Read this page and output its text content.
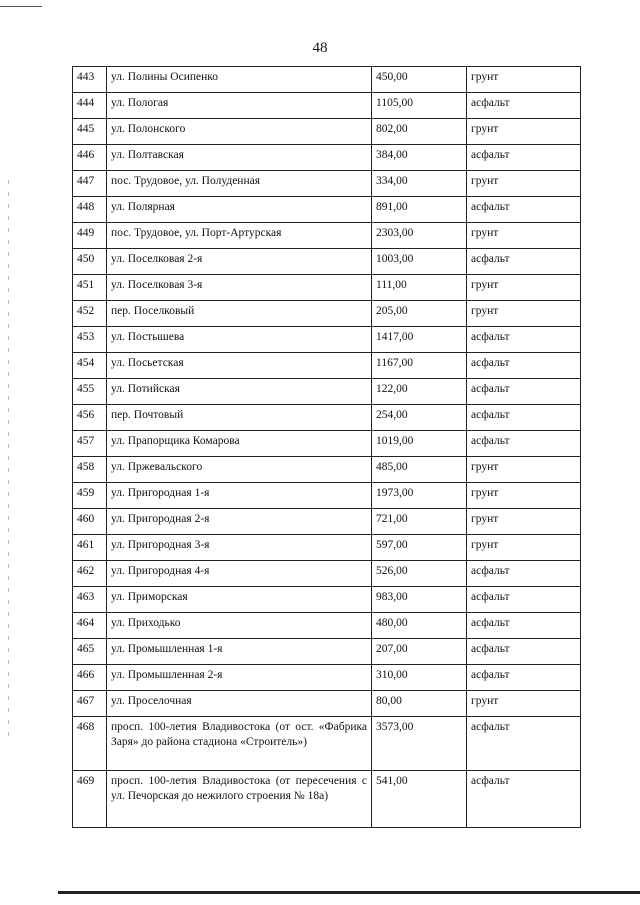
48
443	ул. Полины Осипенко	450,00	грунт
444	ул. Пологая	1105,00	асфальт
445	ул. Полонского	802,00	грунт
446	ул. Полтавская	384,00	асфальт
447	пос. Трудовое, ул. Полуденная	334,00	грунт
448	ул. Полярная	891,00	асфальт
449	пос. Трудовое, ул. Порт-Артурская	2303,00	грунт
450	ул. Поселковая 2-я	1003,00	асфальт
451	ул. Поселковая 3-я	111,00	грунт
452	пер. Поселковый	205,00	грунт
453	ул. Постышева	1417,00	асфальт
454	ул. Посьетская	1167,00	асфальт
455	ул. Потийская	122,00	асфальт
456	пер. Почтовый	254,00	асфальт
457	ул. Прапорщика Комарова	1019,00	асфальт
458	ул. Пржевальского	485,00	грунт
459	ул. Пригородная 1-я	1973,00	грунт
460	ул. Пригородная 2-я	721,00	грунт
461	ул. Пригородная 3-я	597,00	грунт
462	ул. Пригородная 4-я	526,00	асфальт
463	ул. Приморская	983,00	асфальт
464	ул. Приходько	480,00	асфальт
465	ул. Промышленная 1-я	207,00	асфальт
466	ул. Промышленная 2-я	310,00	асфальт
467	ул. Проселочная	80,00	грунт
468	просп. 100-летия Владивостока (от ост. «Фабрика Заря» до района стадиона «Строитель»)	3573,00	асфальт
469	просп. 100-летия Владивостока (от пересечения с ул. Печорская до нежилого строения № 18а)	541,00	асфальт
